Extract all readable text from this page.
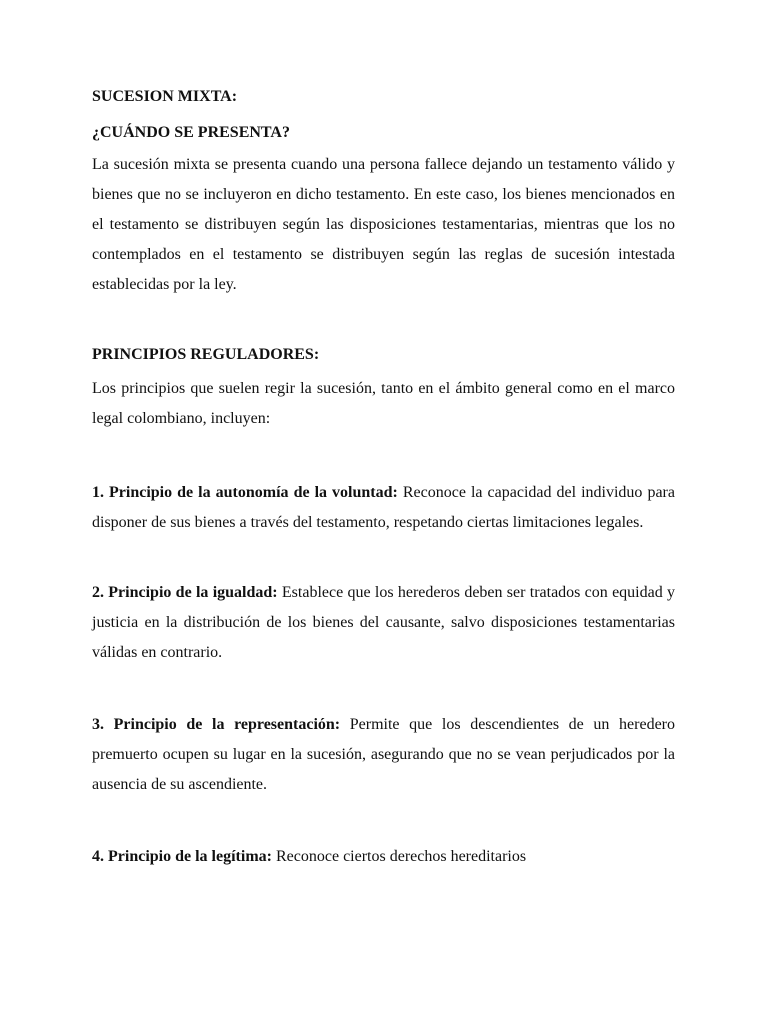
SUCESION MIXTA:

¿CUÁNDO SE PRESENTA?

La sucesión mixta se presenta cuando una persona fallece dejando un testamento válido y bienes que no se incluyeron en dicho testamento. En este caso, los bienes mencionados en el testamento se distribuyen según las disposiciones testamentarias, mientras que los no contemplados en el testamento se distribuyen según las reglas de sucesión intestada establecidas por la ley.

PRINCIPIOS REGULADORES:

Los principios que suelen regir la sucesión, tanto en el ámbito general como en el marco legal colombiano, incluyen:

1. Principio de la autonomía de la voluntad: Reconoce la capacidad del individuo para disponer de sus bienes a través del testamento, respetando ciertas limitaciones legales.

2. Principio de la igualdad: Establece que los herederos deben ser tratados con equidad y justicia en la distribución de los bienes del causante, salvo disposiciones testamentarias válidas en contrario.

3. Principio de la representación: Permite que los descendientes de un heredero premuerto ocupen su lugar en la sucesión, asegurando que no se vean perjudicados por la ausencia de su ascendiente.

4. Principio de la legítima: Reconoce ciertos derechos hereditarios
